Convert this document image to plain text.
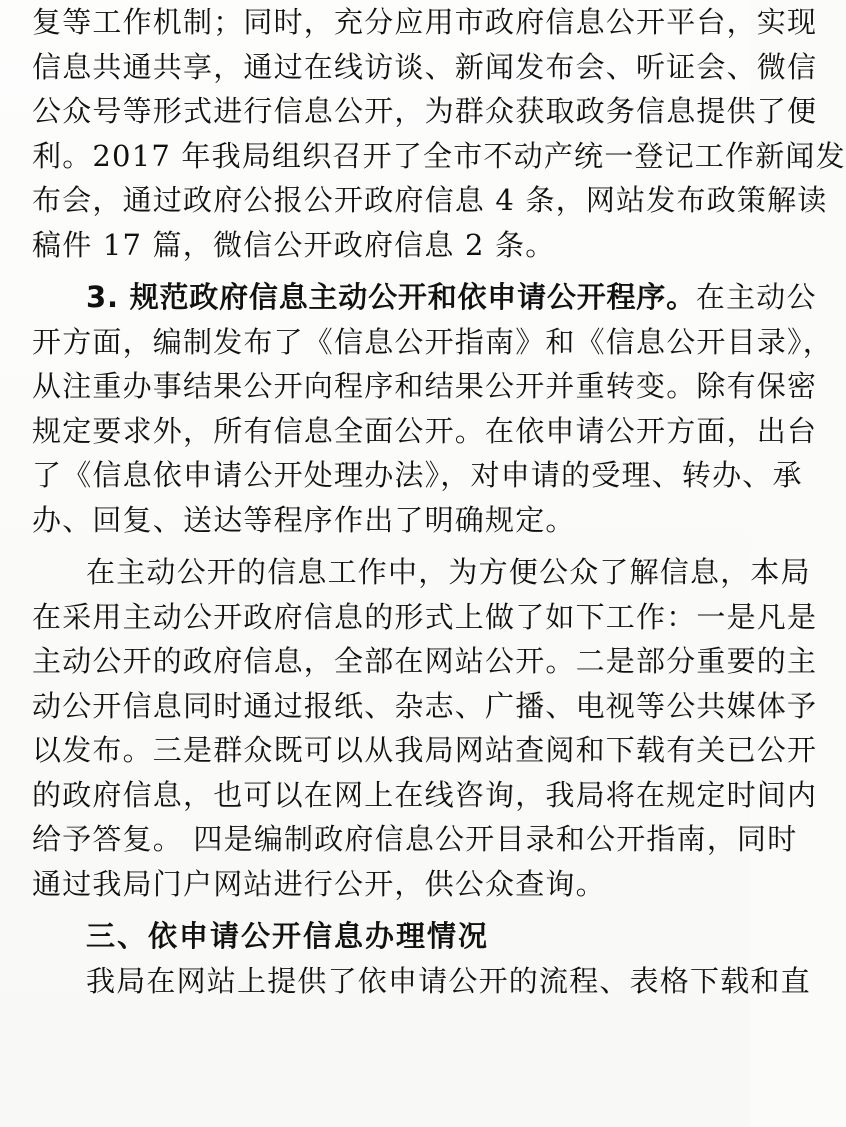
复等工作机制；同时，充分应用市政府信息公开平台，实现
信息共通共享，通过在线访谈、新闻发布会、听证会、微信
公众号等形式进行信息公开，为群众获取政务信息提供了便
利。2017 年我局组织召开了全市不动产统一登记工作新闻发
布会，通过政府公报公开政府信息 4 条，网站发布政策解读
稿件 17 篇，微信公开政府信息 2 条。
3. 规范政府信息主动公开和依申请公开程序。在主动公
开方面，编制发布了《信息公开指南》和《信息公开目录》，
从注重办事结果公开向程序和结果公开并重转变。除有保密
规定要求外，所有信息全面公开。在依申请公开方面，出台
了《信息依申请公开处理办法》，对申请的受理、转办、承
办、回复、送达等程序作出了明确规定。
在主动公开的信息工作中，为方便公众了解信息，本局
在采用主动公开政府信息的形式上做了如下工作：一是凡是
主动公开的政府信息，全部在网站公开。二是部分重要的主
动公开信息同时通过报纸、杂志、广播、电视等公共媒体予
以发布。三是群众既可以从我局网站查阅和下载有关已公开
的政府信息，也可以在网上在线咨询，我局将在规定时间内
给予答复。 四是编制政府信息公开目录和公开指南，同时
通过我局门户网站进行公开，供公众查询。
三、依申请公开信息办理情况
我局在网站上提供了依申请公开的流程、表格下载和直
